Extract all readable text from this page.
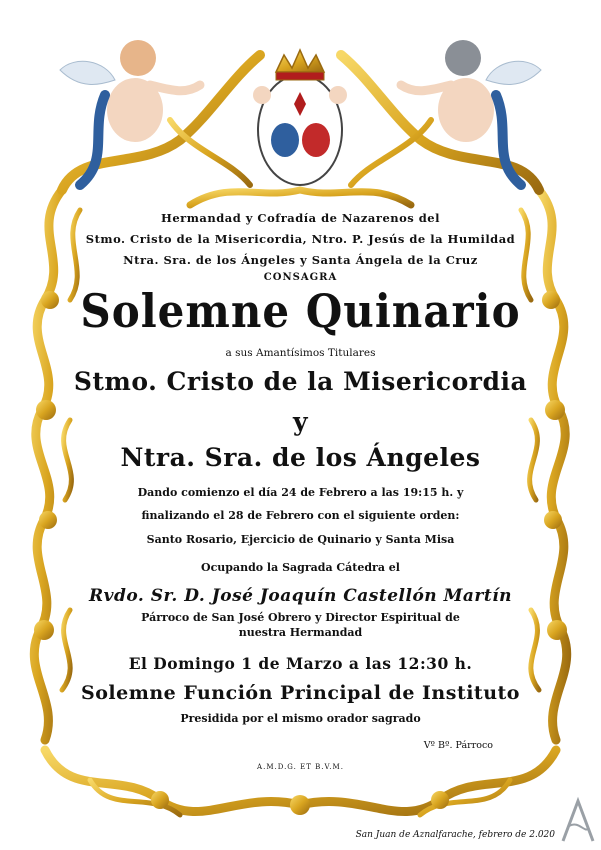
Hermandad y Cofradía de Nazarenos del
Stmo. Cristo de la Misericordia, Ntro. P. Jesús de la Humildad
Ntra. Sra. de los Ángeles y Santa Ángela de la Cruz
CONSAGRA
Solemne Quinario
a sus Amantísimos Titulares
Stmo. Cristo de la Misericordia
y
Ntra. Sra. de los Ángeles
Dando comienzo el día 24 de Febrero a las 19:15 h. y
finalizando el 28 de Febrero con el siguiente orden:
Santo Rosario, Ejercicio de Quinario y Santa Misa
Ocupando la Sagrada Cátedra el
Rvdo. Sr. D. José Joaquín Castellón Martín
Párroco de San José Obrero y Director Espiritual de
nuestra Hermandad
El Domingo 1 de Marzo a las 12:30 h.
Solemne Función Principal de Instituto
Presidida por el mismo orador sagrado
Vº Bº. Párroco
A.M.D.G. ET B.V.M.
San Juan de Aznalfarache, febrero de 2.020
